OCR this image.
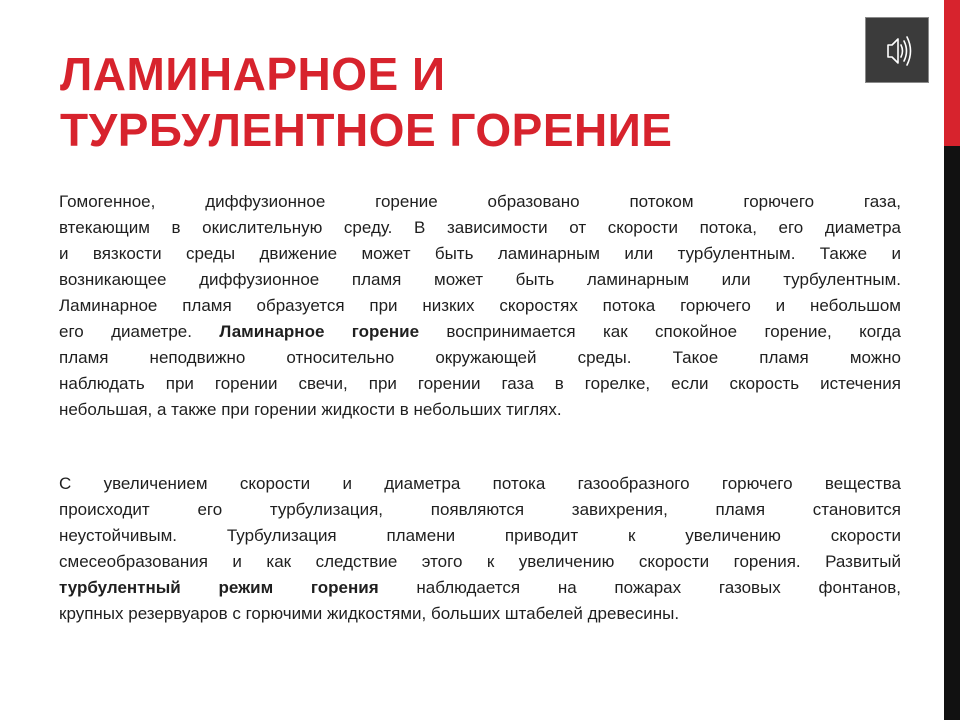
ЛАМИНАРНОЕ И
ТУРБУЛЕНТНОЕ ГОРЕНИЕ
Гомогенное, диффузионное горение образовано потоком горючего газа,
втекающим в окислительную среду. В зависимости от скорости потока, его диаметра
и вязкости среды движение может быть ламинарным или турбулентным. Также и
возникающее диффузионное пламя может быть ламинарным или турбулентным.
Ламинарное пламя образуется при низких скоростях потока горючего и небольшом
его диаметре. Ламинарное горение воспринимается как спокойное горение, когда
пламя неподвижно относительно окружающей среды. Такое пламя можно
наблюдать при горении свечи, при горении газа в горелке, если скорость истечения
небольшая, а также при горении жидкости в небольших тиглях.
С увеличением скорости и диаметра потока газообразного горючего вещества
происходит его турбулизация, появляются завихрения, пламя становится
неустойчивым. Турбулизация пламени приводит к увеличению скорости
смесеобразования и как следствие этого к увеличению скорости горения. Развитый
турбулентный режим горения наблюдается на пожарах газовых фонтанов,
крупных резервуаров с горючими жидкостями, больших штабелей древесины.
